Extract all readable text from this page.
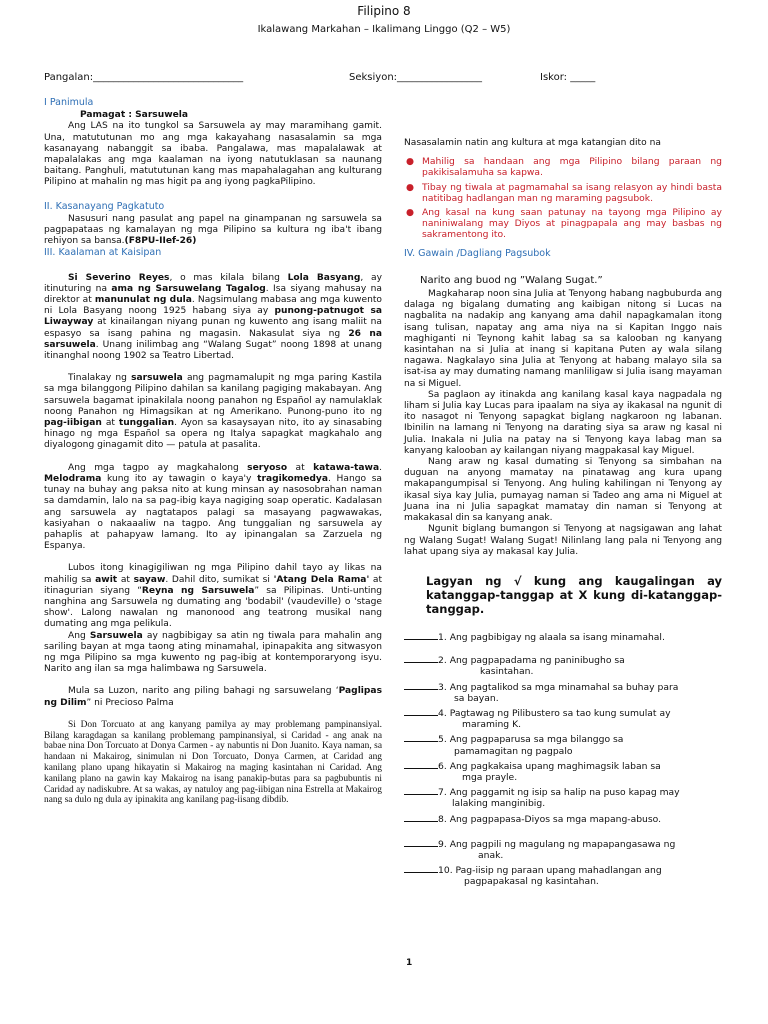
Filipino 8
Ikalawang Markahan – Ikalimang Linggo (Q2 – W5)
Pangalan:______________________________	Seksiyon:_________________	Iskor: _____

I Panimula

Pamagat : Sarsuwela

Ang LAS na ito tungkol sa Sarsuwela ay may maramihang gamit. Una, matututunan mo ang mga kakayahang nasasalamin sa mga kasanayang nabanggit sa ibaba. Pangalawa, mas mapalalawak at mapalalakas ang mga kaalaman na iyong natutuklasan sa naunang baitang. Panghuli, matututunan kang mas mapahalagahan ang kulturang Pilipino at mahalin ng mas higit pa ang iyong pagkaPilipino.

II. Kasanayang Pagkatuto

Nasusuri nang pasulat ang papel na ginampanan ng sarsuwela sa pagpapataas ng kamalayan ng mga Pilipino sa kultura ng iba't ibang rehiyon sa bansa.(F8PU-IIef-26)

III. Kaalaman at Kaisipan

Si Severino Reyes, o mas kilala bilang Lola Basyang, ay itinuturing na ama ng Sarsuwelang Tagalog. Isa siyang mahusay na direktor at manunulat ng dula. Nagsimulang mabasa ang mga kuwento ni Lola Basyang noong 1925 habang siya ay punong-patnugot sa Liwayway at kinailangan niyang punan ng kuwento ang isang maliit na espasyo sa isang pahina ng magasin. Nakasulat siya ng 26 na sarsuwela. Unang inilimbag ang “Walang Sugat” noong 1898 at unang itinanghal noong 1902 sa Teatro Libertad.

Tinalakay ng sarsuwela ang pagmamalupit ng mga paring Kastila sa mga bilanggong Pilipino dahilan sa kanilang pagiging makabayan. Ang sarsuwela bagamat ipinakilala noong panahon ng Español ay namulaklak noong Panahon ng Himagsikan at ng Amerikano. Punong-puno ito ng pag-iibigan at tunggalian. Ayon sa kasaysayan nito, ito ay sinasabing hinago ng mga Español sa opera ng Italya sapagkat magkahalo ang diyalogong ginagamit dito — patula at pasalita.

Ang mga tagpo ay magkahalong seryoso at katawa-tawa. Melodrama kung ito ay tawagin o kaya'y tragikomedya. Hango sa tunay na buhay ang paksa nito at kung minsan ay nasosobrahan naman sa damdamin, lalo na sa pag-ibig kaya nagiging soap operatic. Kadalasan ang sarsuwela ay nagtatapos palagi sa masayang pagwawakas, kasiyahan o nakaaaliw na tagpo. Ang tunggalian ng sarsuwela ay pahaplis at pahapyaw lamang. Ito ay ipinangalan sa Zarzuela ng Espanya.

Lubos itong kinagigiliwan ng mga Pilipino dahil tayo ay likas na mahilig sa awit at sayaw. Dahil dito, sumikat si 'Atang Dela Rama' at itinagurian siyang “Reyna ng Sarsuwela” sa Pilipinas. Unti-unting nanghina ang Sarsuwela ng dumating ang 'bodabil' (vaudeville) o 'stage show'. Lalong nawalan ng manonood ang teatrong musikal nang dumating ang mga pelikula.

Ang Sarsuwela ay nagbibigay sa atin ng tiwala para mahalin ang sariling bayan at mga taong ating minamahal, ipinapakita ang sitwasyon ng mga Pilipino sa mga kuwento ng pag-ibig at kontemporaryong isyu. Narito ang ilan sa mga halimbawa ng Sarsuwela.

Mula sa Luzon, narito ang piling bahagi ng sarsuwelang ‘Paglipas ng Dilim” ni Precioso Palma

Si Don Torcuato at ang kanyang pamilya ay may problemang pampinansiyal. Bilang karagdagan sa kanilang problemang pampinansiyal, si Caridad - ang anak na babae nina Don Torcuato at Donya Carmen - ay nabuntis ni Don Juanito. Kaya naman, sa handaan ni Makairog, sinimulan ni Don Torcuato, Donya Carmen, at Caridad ang kanilang plano upang hikayatin si Makairog na maging kasintahan ni Caridad. Ang kanilang plano na gawin kay Makairog na isang panakip-butas para sa pagbubuntis ni Caridad ay nadiskubre. At sa wakas, ay natuloy ang pag-iibigan nina Estrella at Makairog nang sa dulo ng dula ay ipinakita ang kanilang pag-iisang dibdib.

Nasasalamin natin ang kultura at mga katangian dito na

● Mahilig sa handaan ang mga Pilipino bilang paraan ng pakikisalamuha sa kapwa.
● Tibay ng tiwala at pagmamahal sa isang relasyon ay hindi basta natitibag hadlangan man ng maraming pagsubok.
● Ang kasal na kung saan patunay na tayong mga Pilipino ay naniniwalang may Diyos at pinagpapala ang may basbas ng sakramentong ito.

IV. Gawain /Dagliang Pagsubok

Narito ang buod ng ”Walang Sugat.”

Magkaharap noon sina Julia at Tenyong habang nagbuburda ang dalaga ng bigalang dumating ang kaibigan nitong si Lucas na nagbalita na nadakip ang kanyang ama dahil napagkamalan itong isang tulisan, napatay ang ama niya na si Kapitan Inggo nais maghiganti ni Teynong kahit labag sa sa kalooban ng kanyang kasintahan na si Julia at inang si kapitana Puten ay wala silang nagawa. Nagkalayo sina Julia at Tenyong at habang malayo sila sa isat-isa ay may dumating namang manliligaw si Julia isang mayaman na si Miguel.

Sa paglaon ay itinakda ang kanilang kasal kaya nagpadala ng liham si Julia kay Lucas para ipaalam na siya ay ikakasal na ngunit di ito nasagot ni Tenyong sapagkat biglang nagkaroon ng labanan. Ibinilin na lamang ni Tenyong na darating siya sa araw ng kasal ni Julia. Inakala ni Julia na patay na si Tenyong kaya labag man sa kanyang kalooban ay kailangan niyang magpakasal kay Miguel.

Nang araw ng kasal dumating si Tenyong sa simbahan na duguan na anyong mamatay na pinatawag ang kura upang makapangumpisal si Tenyong. Ang huling kahilingan ni Tenyong ay ikasal siya kay Julia, pumayag naman si Tadeo ang ama ni Miguel at Juana ina ni Julia sapagkat mamatay din naman si Tenyong at makakasal din sa kanyang anak.

Ngunit biglang bumangon si Tenyong at nagsigawan ang lahat ng Walang Sugat! Walang Sugat! Nilinlang lang pala ni Tenyong ang lahat upang siya ay makasal kay Julia.

Lagyan ng √ kung ang kaugalingan ay katanggap-tanggap at X kung di-katanggap-tanggap.

1. Ang pagbibigay ng alaala sa isang minamahal.
2. Ang pagpapadama ng paninibugho sa
kasintahan.
3. Ang pagtalikod sa mga minamahal sa buhay para
sa bayan.
4. Pagtawag ng Pilibustero sa tao kung sumulat ay
maraming K.
5. Ang pagpaparusa sa mga bilanggo sa
pamamagitan ng pagpalo
6. Ang pagkakaisa upang maghimagsik laban sa
mga prayle.
7. Ang paggamit ng isip sa halip na puso kapag may
lalaking manginibig.
8. Ang pagpapasa-Diyos sa mga mapang-abuso.
9. Ang pagpili ng magulang ng mapapangasawa ng
anak.
10. Pag-iisip ng paraan upang mahadlangan ang
pagpapakasal ng kasintahan.
1
